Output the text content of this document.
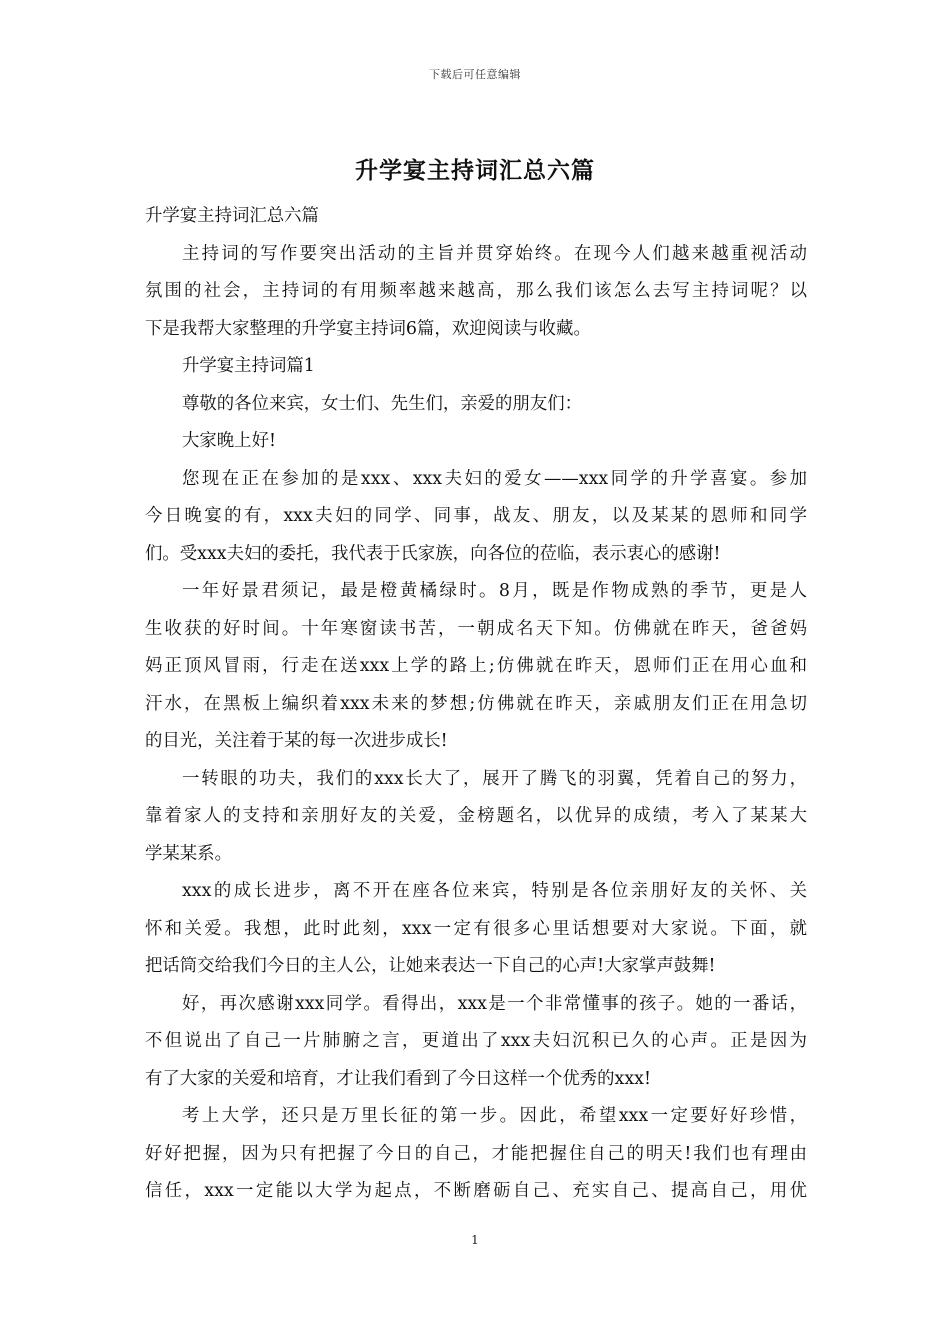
下载后可任意编辑
升学宴主持词汇总六篇
升学宴主持词汇总六篇
主持词的写作要突出活动的主旨并贯穿始终。在现今人们越来越重视活动
氛围的社会，主持词的有用频率越来越高，那么我们该怎么去写主持词呢？以
下是我帮大家整理的升学宴主持词6篇，欢迎阅读与收藏。
升学宴主持词篇1
尊敬的各位来宾，女士们、先生们，亲爱的朋友们：
大家晚上好!
您现在正在参加的是xxx、xxx夫妇的爱女——xxx同学的升学喜宴。参加
今日晚宴的有，xxx夫妇的同学、同事，战友、朋友，以及某某的恩师和同学
们。受xxx夫妇的委托，我代表于氏家族，向各位的莅临，表示衷心的感谢!
一年好景君须记，最是橙黄橘绿时。8月，既是作物成熟的季节，更是人
生收获的好时间。十年寒窗读书苦，一朝成名天下知。仿佛就在昨天，爸爸妈
妈正顶风冒雨，行走在送xxx上学的路上;仿佛就在昨天，恩师们正在用心血和
汗水，在黑板上编织着xxx未来的梦想;仿佛就在昨天，亲戚朋友们正在用急切
的目光，关注着于某的每一次进步成长!
一转眼的功夫，我们的xxx长大了，展开了腾飞的羽翼，凭着自己的努力，
靠着家人的支持和亲朋好友的关爱，金榜题名，以优异的成绩，考入了某某大
学某某系。
xxx的成长进步，离不开在座各位来宾，特别是各位亲朋好友的关怀、关
怀和关爱。我想，此时此刻，xxx一定有很多心里话想要对大家说。下面，就
把话筒交给我们今日的主人公，让她来表达一下自己的心声!大家掌声鼓舞!
好，再次感谢xxx同学。看得出，xxx是一个非常懂事的孩子。她的一番话，
不但说出了自己一片肺腑之言，更道出了xxx夫妇沉积已久的心声。正是因为
有了大家的关爱和培育，才让我们看到了今日这样一个优秀的xxx!
考上大学，还只是万里长征的第一步。因此，希望xxx一定要好好珍惜，
好好把握，因为只有把握了今日的自己，才能把握住自己的明天!我们也有理由
信任，xxx一定能以大学为起点，不断磨砺自己、充实自己、提高自己，用优
1
